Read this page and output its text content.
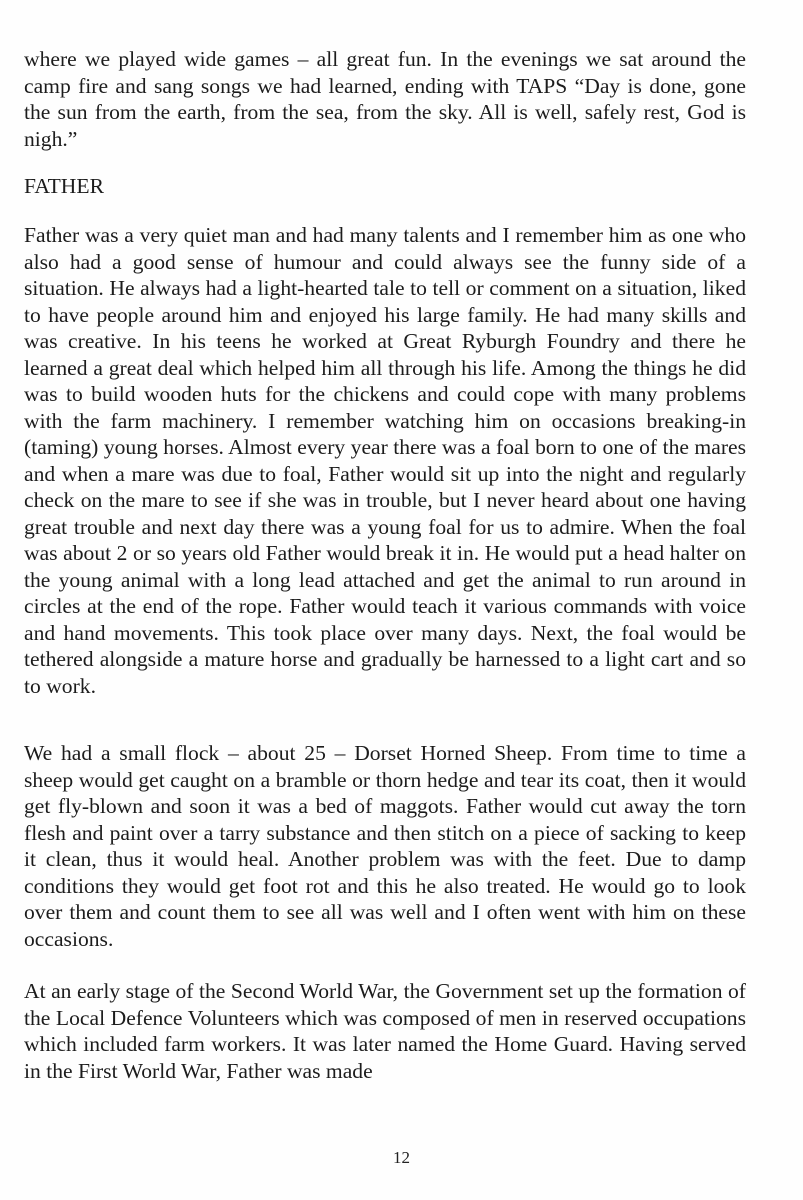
where we played wide games – all great fun. In the evenings we sat around the camp fire and sang songs we had learned, ending with TAPS “Day is done, gone the sun from the earth, from the sea, from the sky. All is well, safely rest, God is nigh.”

FATHER

Father was a very quiet man and had many talents and I remember him as one who also had a good sense of humour and could always see the funny side of a situation. He always had a light-hearted tale to tell or comment on a situation, liked to have people around him and enjoyed his large family. He had many skills and was creative. In his teens he worked at Great Ryburgh Foundry and there he learned a great deal which helped him all through his life. Among the things he did was to build wooden huts for the chickens and could cope with many problems with the farm machinery. I remember watching him on occasions breaking-in (taming) young horses. Almost every year there was a foal born to one of the mares and when a mare was due to foal, Father would sit up into the night and regularly check on the mare to see if she was in trouble, but I never heard about one having great trouble and next day there was a young foal for us to admire. When the foal was about 2 or so years old Father would break it in. He would put a head halter on the young animal with a long lead attached and get the animal to run around in circles at the end of the rope. Father would teach it various commands with voice and hand movements. This took place over many days. Next, the foal would be tethered alongside a mature horse and gradually be harnessed to a light cart and so to work.

We had a small flock – about 25 – Dorset Horned Sheep. From time to time a sheep would get caught on a bramble or thorn hedge and tear its coat, then it would get fly-blown and soon it was a bed of maggots. Father would cut away the torn flesh and paint over a tarry substance and then stitch on a piece of sacking to keep it clean, thus it would heal. Another problem was with the feet. Due to damp conditions they would get foot rot and this he also treated. He would go to look over them and count them to see all was well and I often went with him on these occasions.

At an early stage of the Second World War, the Government set up the formation of the Local Defence Volunteers which was composed of men in reserved occupations which included farm workers. It was later named the Home Guard. Having served in the First World War, Father was made

12
